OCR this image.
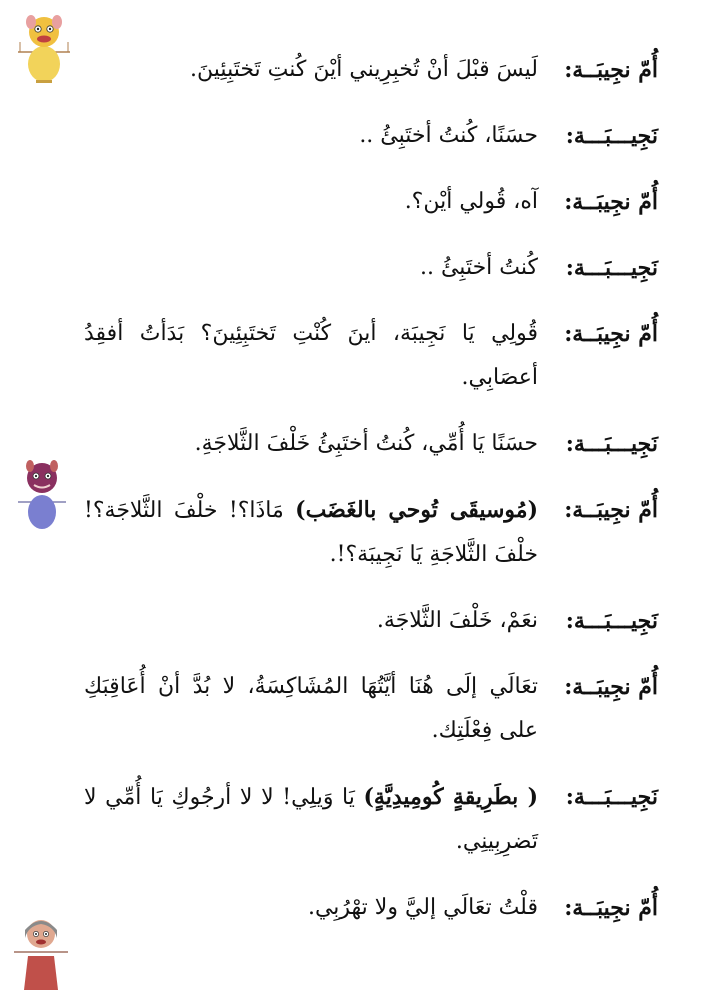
أُمّ نجِيبَــة:
لَيسَ قبْلَ أنْ تُخبِرِيني أيْنَ كُنتِ تَختَبِئِينَ.
نَجِيـــبَـــة:
حسَنًا، كُنتُ أختَبِئُ ..
أُمّ نجِيبَــة:
آه، قُولي أيْن؟.
نَجِيـــبَـــة:
كُنتُ أختَبِئُ ..
أُمّ نجِيبَــة:
قُولِي يَا نَجِيبَة، أينَ كُنْتِ تَختَبِئِينَ؟ بَدَأتُ أفقِدُ أعصَابِي.
نَجِيـــبَـــة:
حسَنًا يَا أُمِّي، كُنتُ أختَبِئُ خَلْفَ الثَّلاجَةِ.
أُمّ نجِيبَــة:
(مُوسيقَى تُوحي بالغَضَب) مَاذَا؟! خلْفَ الثَّلاجَة؟! خلْفَ الثَّلاجَةِ يَا نَجِيبَة؟!.
نَجِيـــبَـــة:
نعَمْ، خَلْفَ الثَّلاجَة.
أُمّ نجِيبَــة:
تعَالَي إلَى هُنَا أيَّتُهَا المُشَاكِسَةُ، لا بُدَّ أنْ أُعَاقِبَكِ على فِعْلَتِك.
نَجِيـــبَـــة:
( بطَرِيقةٍ كُومِيدِيَّةٍ) يَا وَيلِي! لا لا أرجُوكِ يَا أُمِّي لا تَضرِبِينِي.
أُمّ نجِيبَــة:
قلْتُ تعَالَي إليَّ ولا تهْرُبِي.
